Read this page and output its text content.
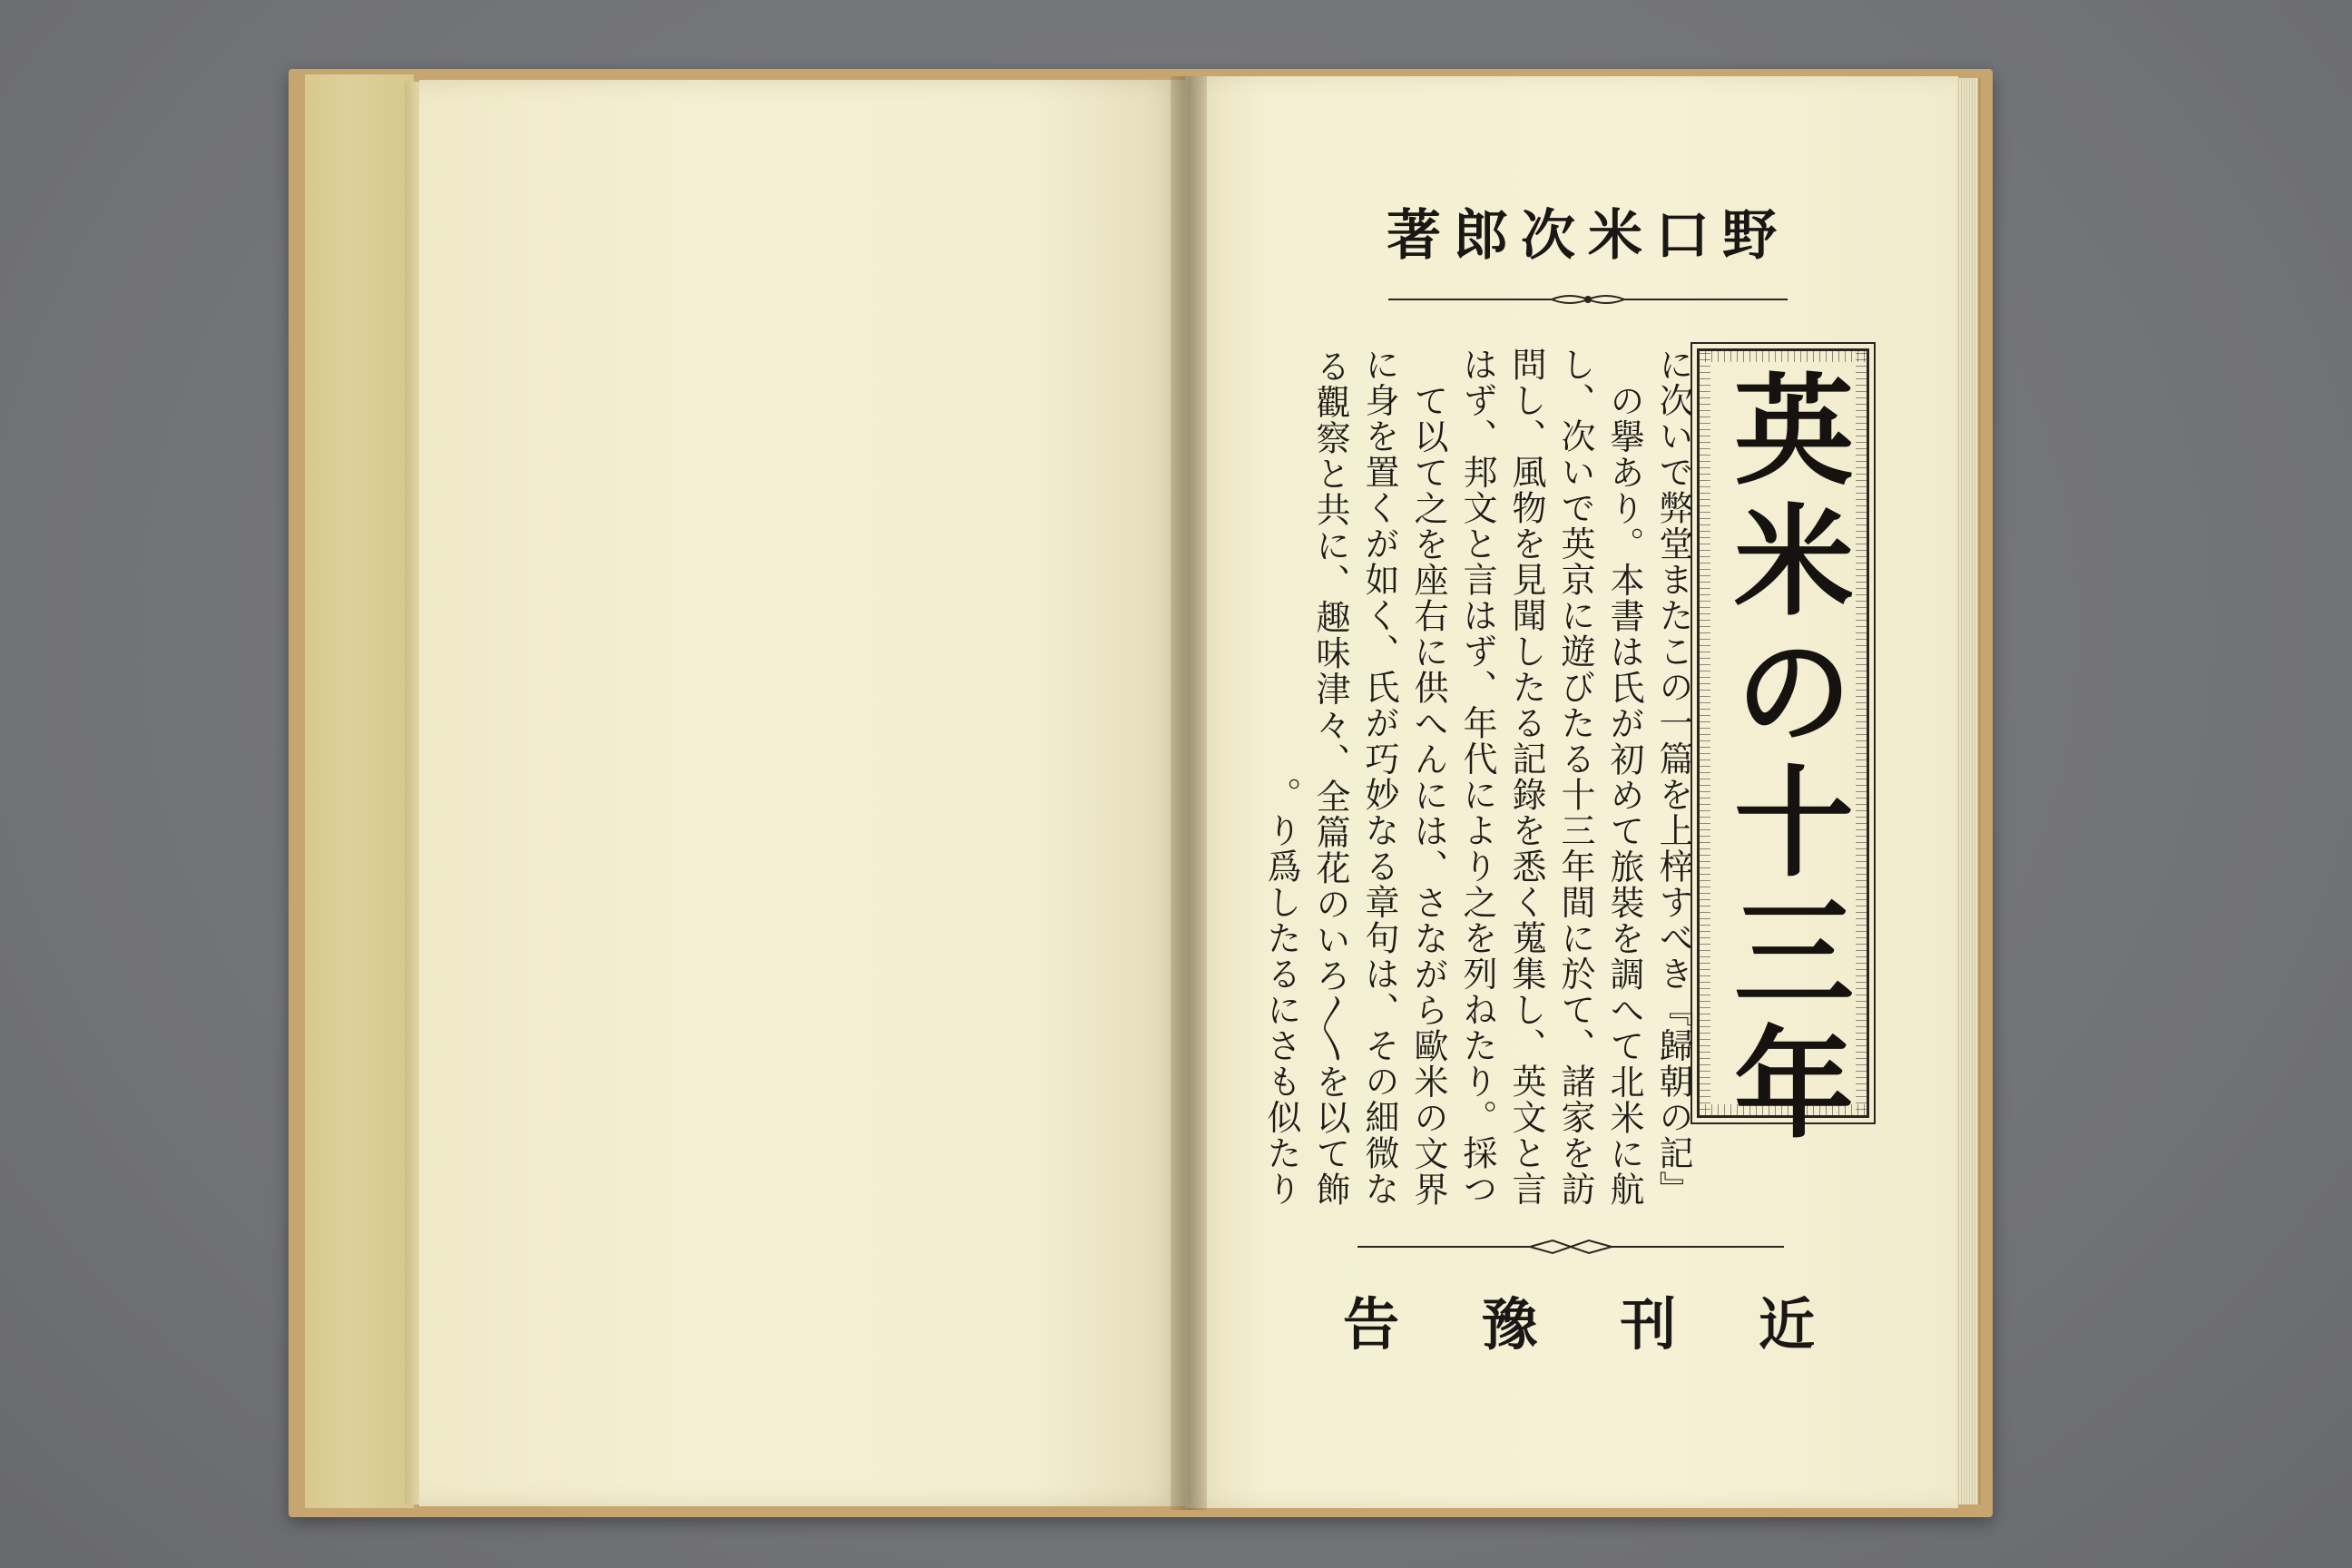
野口米次郎著
『歸朝の記』に次いで弊堂またこの一篇を上梓すべき
の擧あり。本書は氏が初めて旅裝を調へて北米に航
し、次いで英京に遊びたる十三年間に於て、諸家を訪
問し、風物を見聞したる記錄を悉く蒐集し、英文と言
はず、邦文と言はず、年代により之を列ねたり。採つ
て以て之を座右に供へんには、さながら歐米の文界
に身を置くが如く、氏が巧妙なる章句は、その細微な
る觀察と共に、趣味津々、全篇花のいろ〳〵を以て飾
り爲したるにさも似たり。	英米の十三年
近
刊
豫
告
